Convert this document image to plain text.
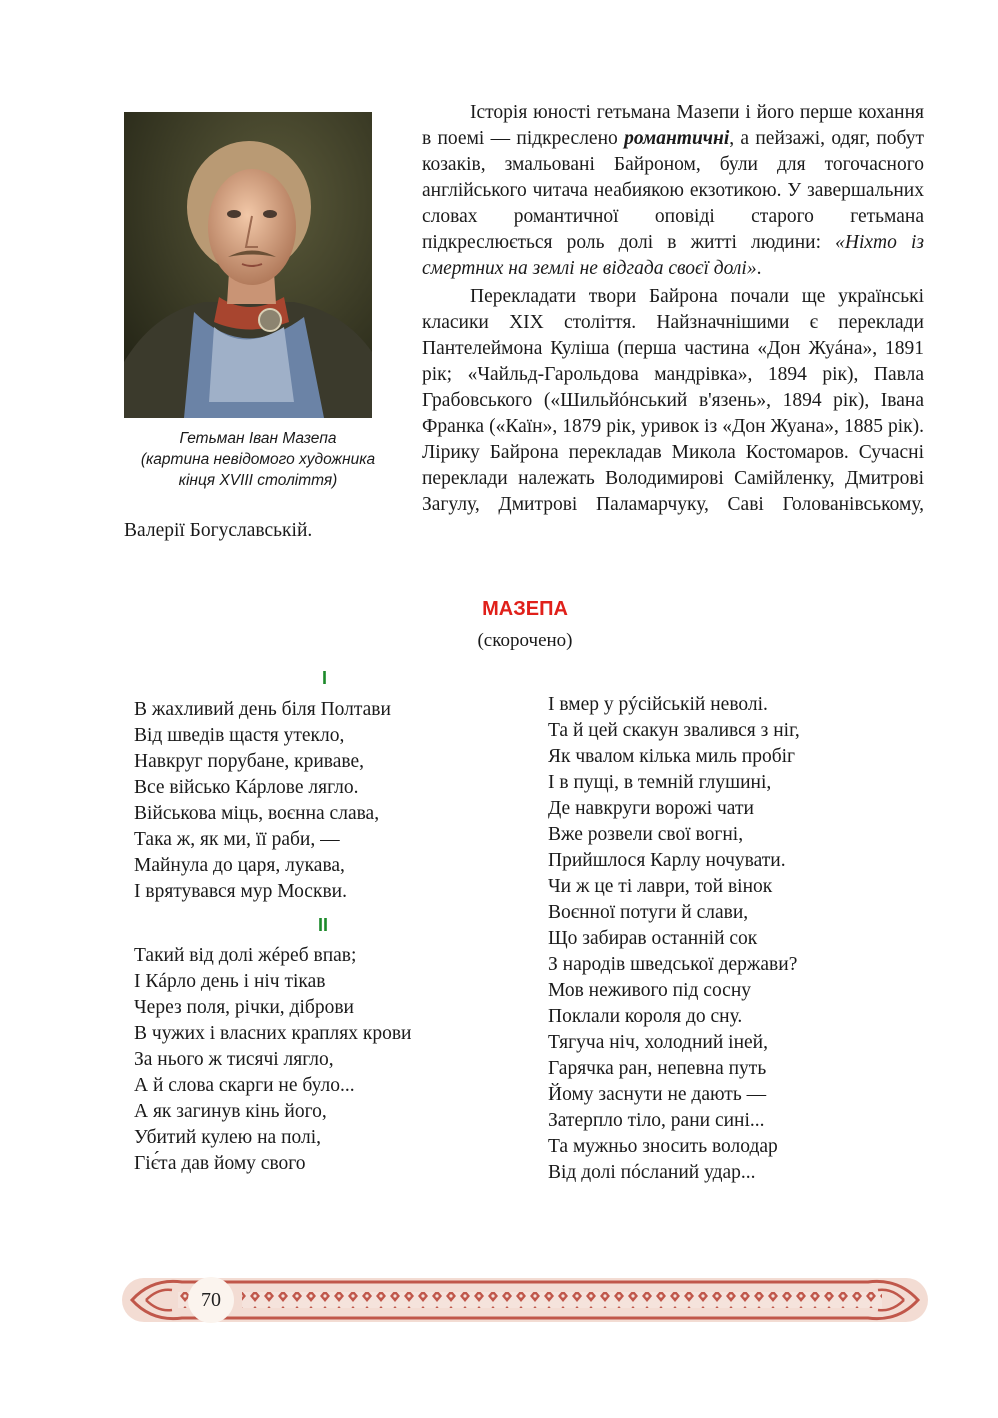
Гетьман Іван Мазепа
(картина невідомого художника
кінця XVIII століття)

Історія юності гетьмана Мазепи і його перше кохання в поемі — підкреслено романтичні, а пейзажі, одяг, побут козаків, змальовані Байроном, були для тогочасного англійського читача неабиякою екзотикою. У завершальних словах романтичної оповіді старого гетьмана підкреслюється роль долі в житті людини: «Ніхто із смертних на землі не відгада своєї долі».

Перекладати твори Байрона почали ще українські класики XIX століття. Найзначнішими є переклади Пантелеймона Куліша (перша частина «Дон Жуáна», 1891 рік; «Чайльд-Гарольдова мандрівка», 1894 рік), Павла Грабовського («Шильйóнський в'язень», 1894 рік), Івана Франка («Каїн», 1879 рік, уривок із «Дон Жуана», 1885 рік). Лірику Байрона перекладав Микола Костомаров. Сучасні переклади належать Володимирові Самійленку, Дмитрові Загулу, Дмитрові Паламарчуку, Саві Голованівському, Валерії Богуславській.

МАЗЕПА
(скорочено)
I
II
В жахливий день біля Полтави
Від шведів щастя утекло,
Навкруг порубане, криваве,
Все військо Кáрлове лягло.
Військова міць, воєнна слава,
Така ж, як ми, її раби, —
Майнула до царя, лукава,
І врятувався мур Москви.
Такий від долі жéреб впав;
І Кáрло день і ніч тікав
Через поля, річки, діброви
В чужих і власних краплях крови
За нього ж тисячі лягло,
А й слова скарги не було...
А як загинув кінь його,
Убитий кулею на полі,
Гіє́та дав йому свого
І вмер у рýсійській неволі.
Та й цей скакун звалився з ніг,
Як чвалом кілька миль пробіг
І в пущі, в темній глушині,
Де навкруги ворожі чати
Вже розвели свої вогні,
Прийшлося Карлу ночувати.
Чи ж це ті лаври, той вінок
Воєнної потуги й слави,
Що забирав останній сок
З народів шведської держави?
Мов неживого під сосну
Поклали короля до сну.
Тягуча ніч, холодний іней,
Гарячка ран, непевна путь
Йому заснути не дають —
Затерпло тіло, рани сині...
Та мужньо зносить володар
Від долі пóсланий удар...
70
